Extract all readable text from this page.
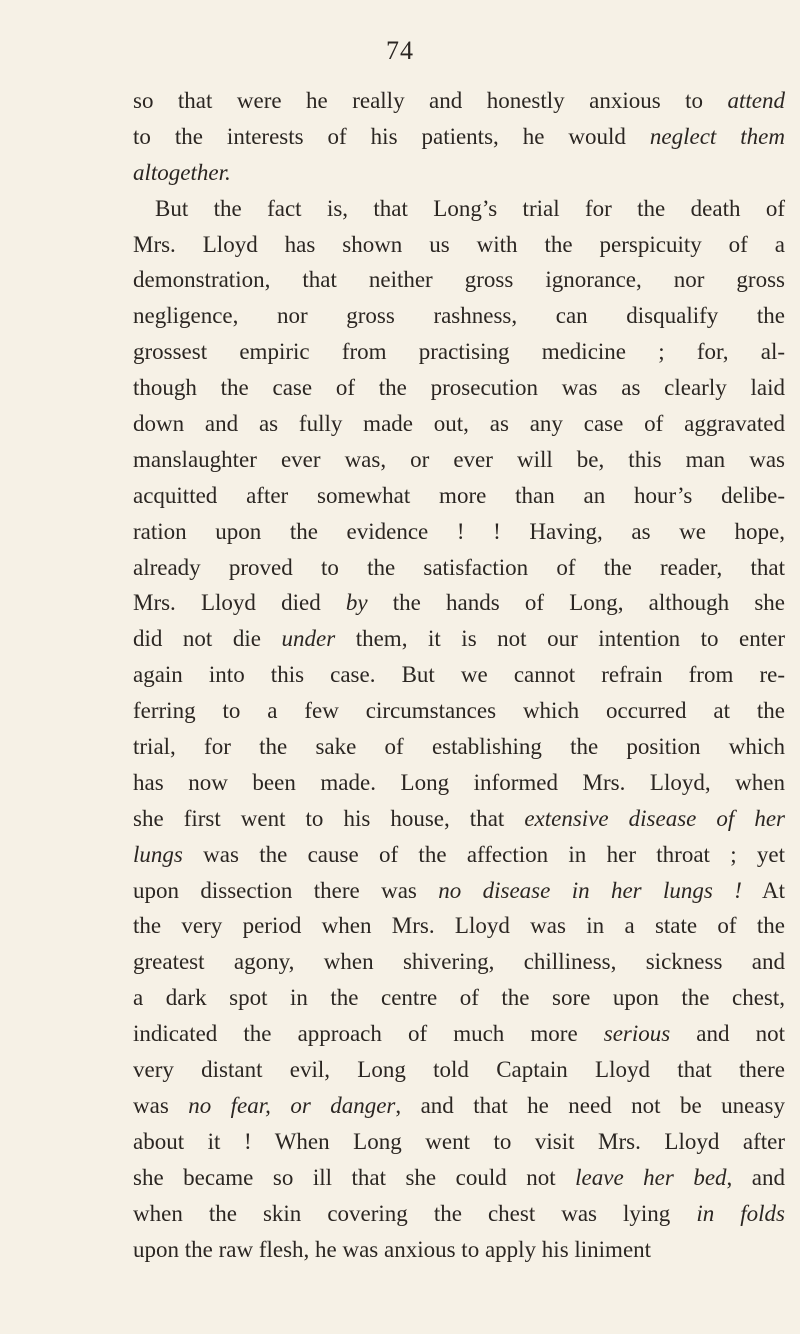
74
so that were he really and honestly anxious to attend
to the interests of his patients, he would neglect them
altogether.
But the fact is, that Long’s trial for the death of
Mrs. Lloyd has shown us with the perspicuity of a
demonstration, that neither gross ignorance, nor gross
negligence, nor gross rashness, can disqualify the
grossest empiric from practising medicine ; for, al-
though the case of the prosecution was as clearly laid
down and as fully made out, as any case of aggravated
manslaughter ever was, or ever will be, this man was
acquitted after somewhat more than an hour’s delibe-
ration upon the evidence ! ! Having, as we hope,
already proved to the satisfaction of the reader, that
Mrs. Lloyd died by the hands of Long, although she
did not die under them, it is not our intention to enter
again into this case. But we cannot refrain from re-
ferring to a few circumstances which occurred at the
trial, for the sake of establishing the position which
has now been made. Long informed Mrs. Lloyd, when
she first went to his house, that extensive disease of her
lungs was the cause of the affection in her throat ; yet
upon dissection there was no disease in her lungs ! At
the very period when Mrs. Lloyd was in a state of the
greatest agony, when shivering, chilliness, sickness and
a dark spot in the centre of the sore upon the chest,
indicated the approach of much more serious and not
very distant evil, Long told Captain Lloyd that there
was no fear, or danger, and that he need not be uneasy
about it ! When Long went to visit Mrs. Lloyd after
she became so ill that she could not leave her bed, and
when the skin covering the chest was lying in folds
upon the raw flesh, he was anxious to apply his liniment
